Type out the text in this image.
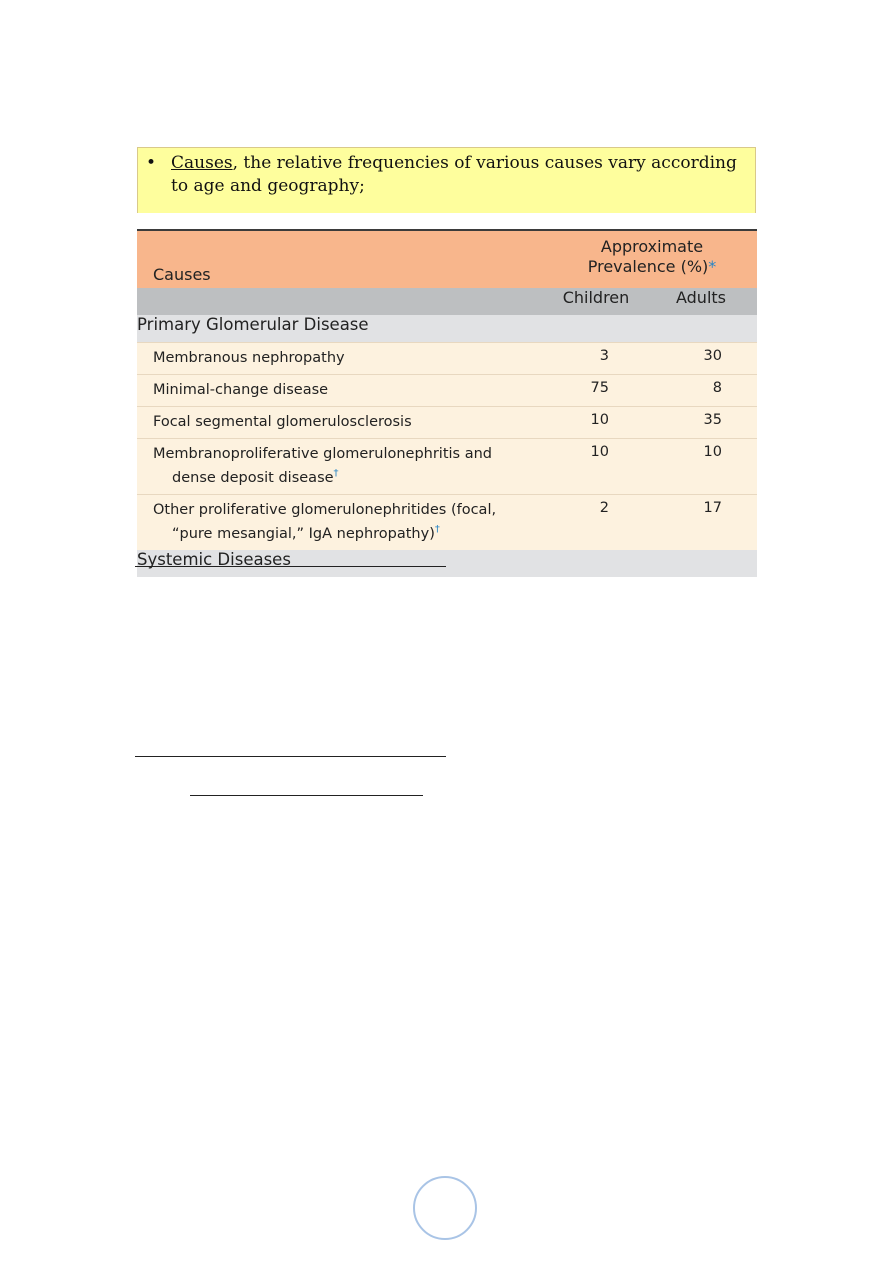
• Causes, the relative frequencies of various causes vary according to age and geography;
Causes	Approximate
Prevalence (%)*	
	Children	Adults
Primary Glomerular Disease		
Membranous nephropathy	3	30
Minimal-change disease	75	8
Focal segmental glomerulosclerosis	10	35
Membranoproliferative glomerulonephritis and
dense deposit disease†	10	10
Other proliferative glomerulonephritides (focal,
“pure mesangial,” IgA nephropathy)†	2	17
Systemic Diseases		
